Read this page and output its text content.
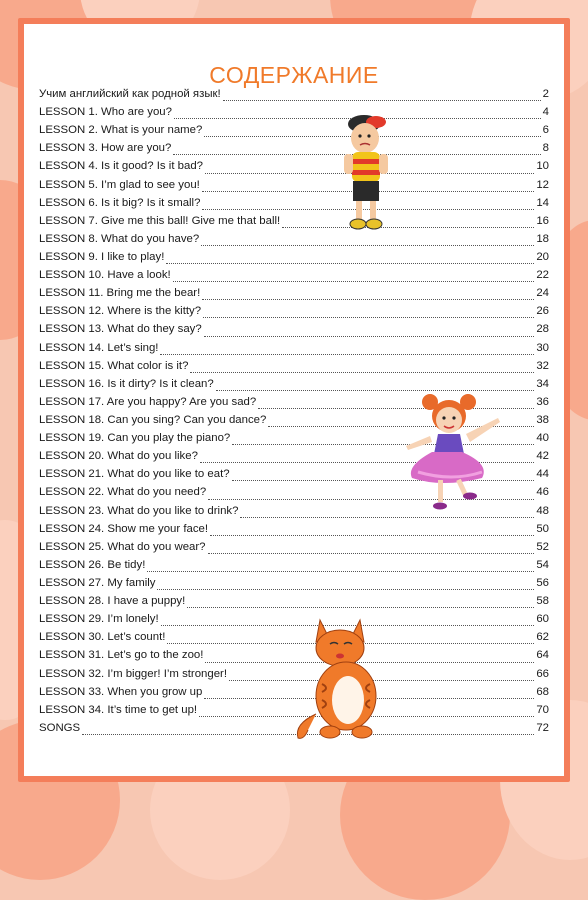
СОДЕРЖАНИЕ
Учим английский как родной язык!	2
LESSON 1. Who are you?	4
LESSON 2. What is your name?	6
LESSON 3. How are you?	8
LESSON 4. Is it good? Is it bad?	10
LESSON 5. I’m glad to see you!	12
LESSON 6. Is it big? Is it small?	14
LESSON 7. Give me this ball! Give me that ball!	16
LESSON 8. What do you have?	18
LESSON 9. I like to play!	20
LESSON 10. Have a look!	22
LESSON 11. Bring me the bear!	24
LESSON 12. Where is the kitty?	26
LESSON 13. What do they say?	28
LESSON 14. Let’s sing!	30
LESSON 15. What color is it?	32
LESSON 16. Is it dirty? Is it clean?	34
LESSON 17. Are you happy? Are you sad?	36
LESSON 18. Can you sing? Can you dance?	38
LESSON 19. Can you play the piano?	40
LESSON 20. What do you like?	42
LESSON 21. What do you like to eat?	44
LESSON 22. What do you need?	46
LESSON 23. What do you like to drink?	48
LESSON 24. Show me your face!	50
LESSON 25. What do you wear?	52
LESSON 26. Be tidy!	54
LESSON 27. My family	56
LESSON 28. I have a puppy!	58
LESSON 29. I’m lonely!	60
LESSON 30. Let’s count!	62
LESSON 31. Let’s go to the zoo!	64
LESSON 32. I’m bigger! I’m stronger!	66
LESSON 33. When you grow up	68
LESSON 34. It’s time to get up!	70
SONGS	72
